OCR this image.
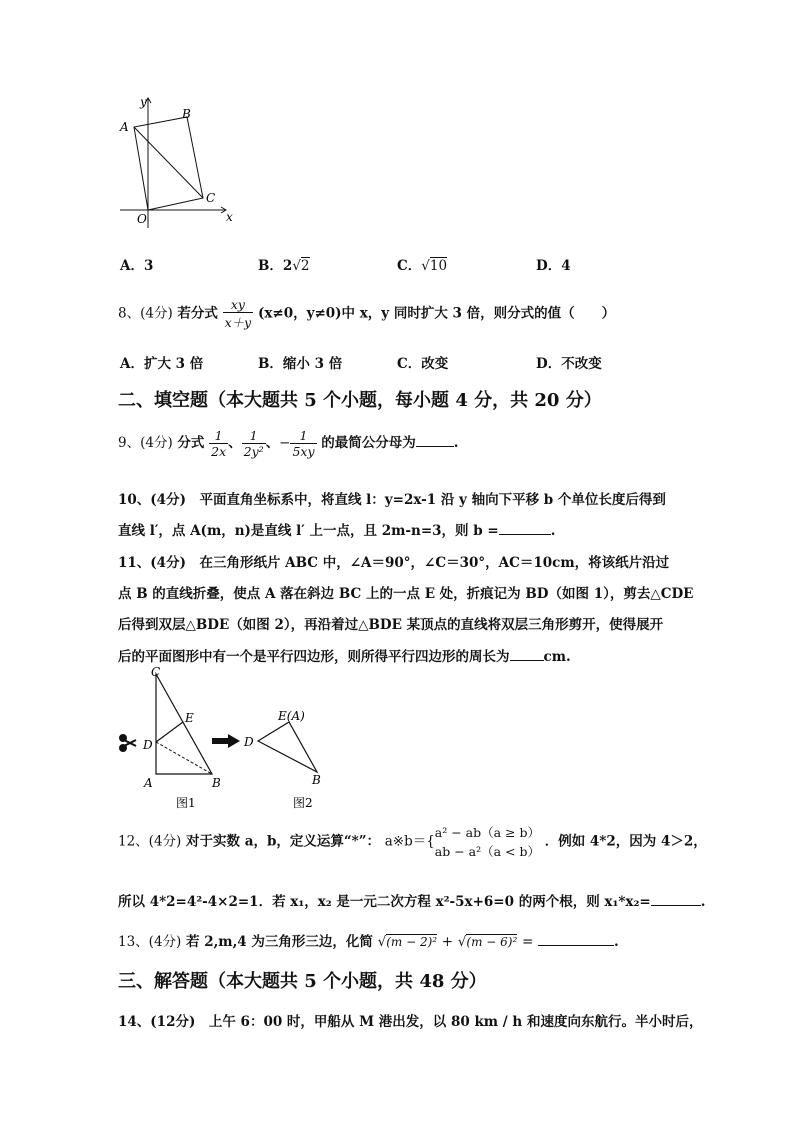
y
x
A
B
C
O
A．3	B．2√2	C．√10	D．4
8、(4分) 若分式 $\frac{xy}{x+y} (x\ne 0$，y≠0)中 x，y 同时扩大 3 倍，则分式的值（　　）
A．扩大 3 倍	B．缩小 3 倍	C．改变	D．不改变
二、填空题（本大题共 5 个小题，每小题 4 分，共 20 分）
9、(4分) 分式 $\frac{1}{2x}$ 、 $\frac{1}{\text{2y²}}$ 、− $\frac{1}{5xy}$ 的最简公分母为	.
10、(4分)　平面直角坐标系中，将直线 l：y=2x-1 沿 y 轴向下平移 b 个单位长度后得到
直线 l′，点 A(m，n)是直线 l′ 上一点，且 2m-n=3，则 b =	.
11、(4分)　在三角形纸片 ABC 中，∠A＝90°，∠C＝30°，AC＝10cm，将该纸片沿过
点 B 的直线折叠，使点 A 落在斜边 BC 上的一点 E 处，折痕记为 BD（如图 1），剪去△CDE
后得到双层△BDE（如图 2），再沿着过△BDE 某顶点的直线将双层三角形剪开，使得展开
后的平面图形中有一个是平行四边形，则所得平行四边形的周长为	cm.
C
E
D
A	B
图1
D
E(A)
B
图2
12、(4分) 对于实数 a，b，定义运算“*”： a※b＝{
a² − ab（a ≥ b）
ab − a²（a < b）
．例如 4*2，因为 4＞2，
所以 4*2=4²-4×2=1．若 x₁，x₂ 是一元二次方程 x²-5x+6=0 的两个根，则 x₁*x₂=	.
13、(4分) 若 2,m,4 为三角形三边，化简 √(m − 2)² + √(m − 6)² =	.
三、解答题（本大题共 5 个小题，共 48 分）
14、(12分)　上午 6：00 时，甲船从 M 港出发，以 80 km / h 和速度向东航行。半小时后，
